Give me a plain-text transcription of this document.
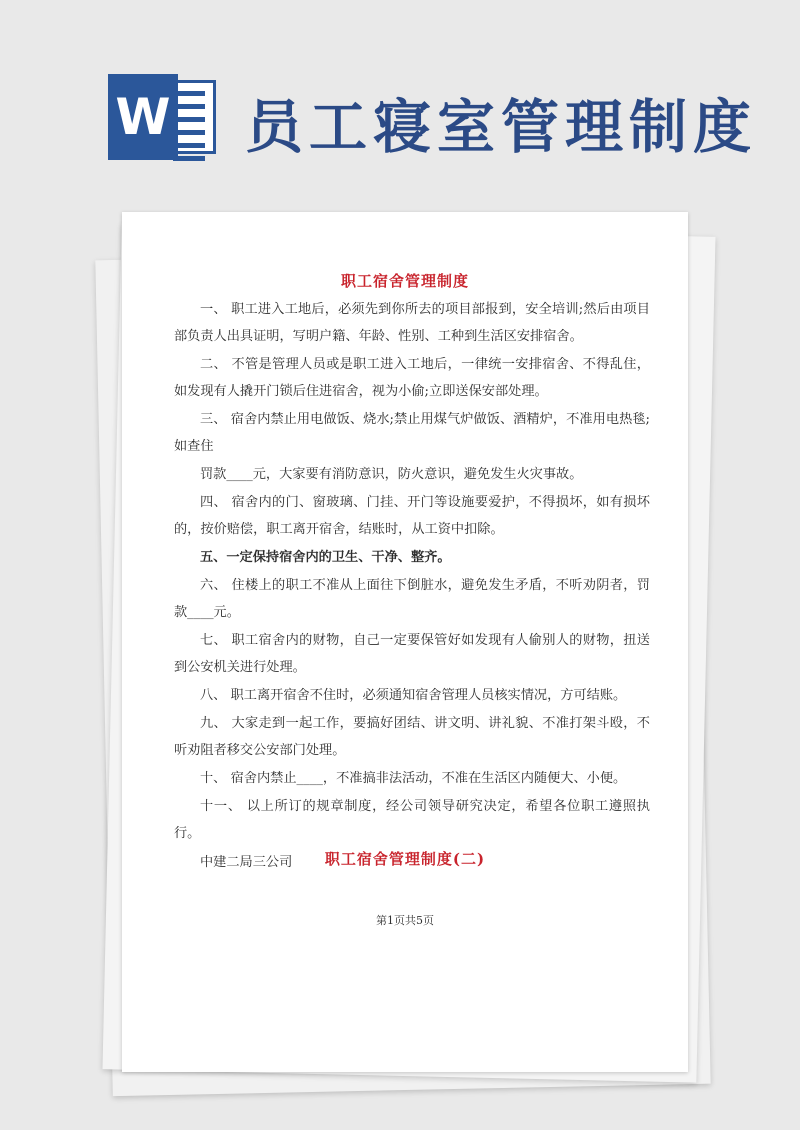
W 员工寝室管理制度
职工宿舍管理制度

一、 职工进入工地后，必须先到你所去的项目部报到，安全培训;然后由项目部负责人出具证明，写明户籍、年龄、性别、工种到生活区安排宿舍。

二、 不管是管理人员或是职工进入工地后，一律统一安排宿舍、不得乱住，如发现有人撬开门锁后住进宿舍，视为小偷;立即送保安部处理。

三、 宿舍内禁止用电做饭、烧水;禁止用煤气炉做饭、酒精炉，不准用电热毯;如查住

罚款____元，大家要有消防意识，防火意识，避免发生火灾事故。

四、 宿舍内的门、窗玻璃、门挂、开门等设施要爱护，不得损坏，如有损坏的，按价赔偿，职工离开宿舍，结账时，从工资中扣除。

五、一定保持宿舍内的卫生、干净、整齐。

六、 住楼上的职工不准从上面往下倒脏水，避免发生矛盾，不听劝阴者，罚款____元。

七、 职工宿舍内的财物，自己一定要保管好如发现有人偷别人的财物，扭送到公安机关进行处理。

八、 职工离开宿舍不住时，必须通知宿舍管理人员核实情况，方可结账。

九、 大家走到一起工作，要搞好团结、讲文明、讲礼貌、不准打架斗殴，不听劝阻者移交公安部门处理。

十、 宿舍内禁止____，不准搞非法活动，不准在生活区内随便大、小便。

十一、 以上所订的规章制度，经公司领导研究决定，希望各位职工遵照执行。

中建二局三公司	职工宿舍管理制度(二)
第1页共5页
